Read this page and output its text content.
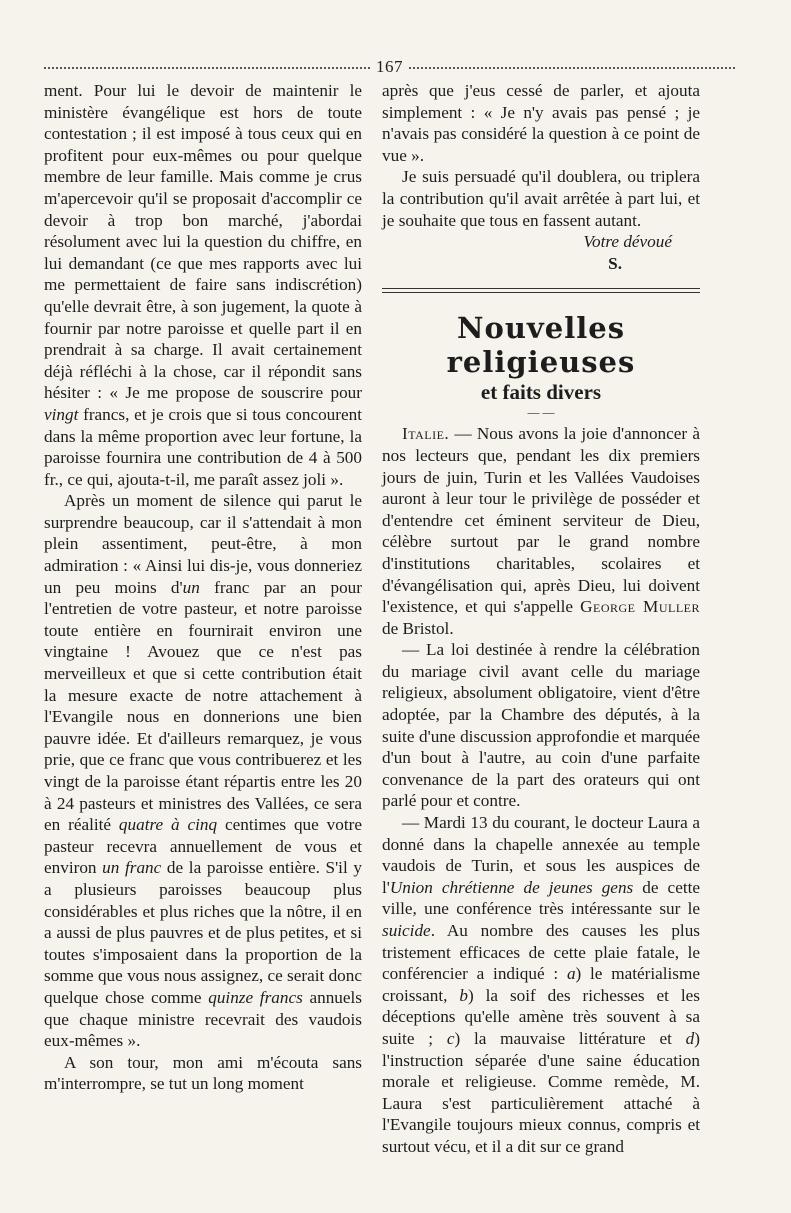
167

ment. Pour lui le devoir de maintenir le ministère évangélique est hors de toute contestation ; il est imposé à tous ceux qui en profitent pour eux-mêmes ou pour quelque membre de leur famille. Mais comme je crus m'apercevoir qu'il se proposait d'accomplir ce devoir à trop bon marché, j'abordai résolument avec lui la question du chiffre, en lui demandant (ce que mes rapports avec lui me permettaient de faire sans indiscrétion) qu'elle devrait être, à son jugement, la quote à fournir par notre paroisse et quelle part il en prendrait à sa charge. Il avait certainement déjà réfléchi à la chose, car il répondit sans hésiter : « Je me propose de souscrire pour vingt francs, et je crois que si tous concourent dans la même proportion avec leur fortune, la paroisse fournira une contribution de 4 à 500 fr., ce qui, ajouta-t-il, me paraît assez joli ».

Après un moment de silence qui parut le surprendre beaucoup, car il s'attendait à mon plein assentiment, peut-être, à mon admiration : « Ainsi lui dis-je, vous donneriez un peu moins d'un franc par an pour l'entretien de votre pasteur, et notre paroisse toute entière en fournirait environ une vingtaine ! Avouez que ce n'est pas merveilleux et que si cette contribution était la mesure exacte de notre attachement à l'Evangile nous en donnerions une bien pauvre idée. Et d'ailleurs remarquez, je vous prie, que ce franc que vous contribuerez et les vingt de la paroisse étant répartis entre les 20 à 24 pasteurs et ministres des Vallées, ce sera en réalité quatre à cinq centimes que votre pasteur recevra annuellement de vous et environ un franc de la paroisse entière. S'il y a plusieurs paroisses beaucoup plus considérables et plus riches que la nôtre, il en a aussi de plus pauvres et de plus petites, et si toutes s'imposaient dans la proportion de la somme que vous nous assignez, ce serait donc quelque chose comme quinze francs annuels que chaque ministre recevrait des vaudois eux-mêmes ».

A son tour, mon ami m'écouta sans m'interrompre, se tut un long moment

après que j'eus cessé de parler, et ajouta simplement : « Je n'y avais pas pensé ; je n'avais pas considéré la question à ce point de vue ».

Je suis persuadé qu'il doublera, ou triplera la contribution qu'il avait arrêtée à part lui, et je souhaite que tous en fassent autant.

Votre dévoué

S.

Nouvelles religieuses

et faits divers

— —

Italie. — Nous avons la joie d'annoncer à nos lecteurs que, pendant les dix premiers jours de juin, Turin et les Vallées Vaudoises auront à leur tour le privilège de posséder et d'entendre cet éminent serviteur de Dieu, célèbre surtout par le grand nombre d'institutions charitables, scolaires et d'évangélisation qui, après Dieu, lui doivent l'existence, et qui s'appelle George Muller de Bristol.

— La loi destinée à rendre la célébration du mariage civil avant celle du mariage religieux, absolument obligatoire, vient d'être adoptée, par la Chambre des députés, à la suite d'une discussion approfondie et marquée d'un bout à l'autre, au coin d'une parfaite convenance de la part des orateurs qui ont parlé pour et contre.

— Mardi 13 du courant, le docteur Laura a donné dans la chapelle annexée au temple vaudois de Turin, et sous les auspices de l'Union chrétienne de jeunes gens de cette ville, une conférence très intéressante sur le suicide. Au nombre des causes les plus tristement efficaces de cette plaie fatale, le conférencier a indiqué : a) le matérialisme croissant, b) la soif des richesses et les déceptions qu'elle amène très souvent à sa suite ; c) la mauvaise littérature et d) l'instruction séparée d'une saine éducation morale et religieuse. Comme remède, M. Laura s'est particulièrement attaché à l'Evangile toujours mieux connus, compris et surtout vécu, et il a dit sur ce grand
